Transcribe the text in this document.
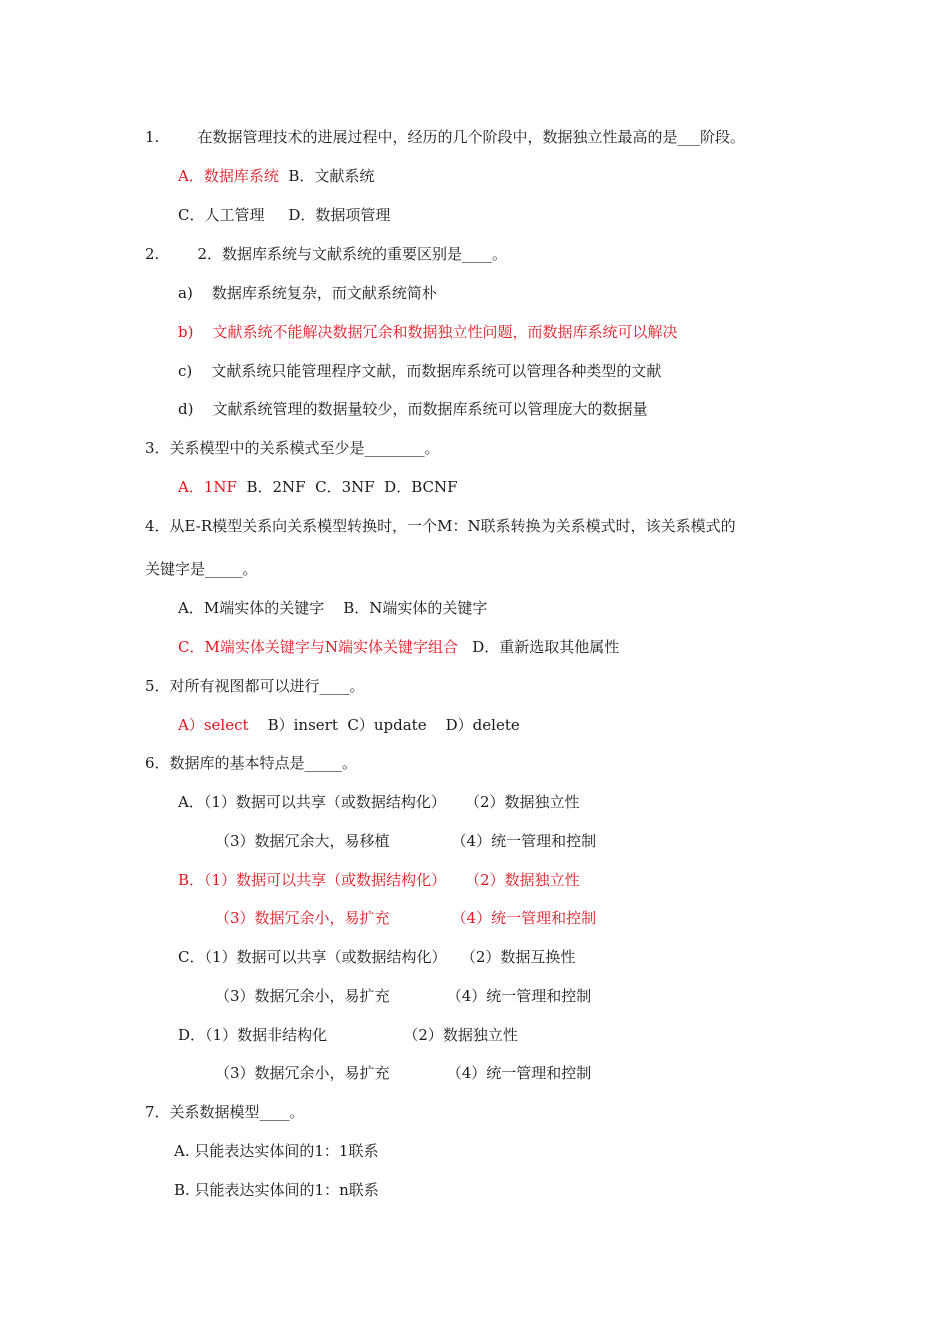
1.        在数据管理技术的进展过程中，经历的几个阶段中，数据独立性最高的是___阶段。
A．数据库系统  B．文献系统
C．人工管理     D．数据项管理
2.        2．数据库系统与文献系统的重要区别是____。
a)    数据库系统复杂，而文献系统简朴
b)    文献系统不能解决数据冗余和数据独立性问题，而数据库系统可以解决
c)    文献系统只能管理程序文献，而数据库系统可以管理各种类型的文献
d)    文献系统管理的数据量较少，而数据库系统可以管理庞大的数据量
3．关系模型中的关系模式至少是________。
A．1NF  B．2NF  C．3NF  D．BCNF
4．从E-R模型关系向关系模型转换时，一个M：N联系转换为关系模式时，该关系模式的
关键字是_____。
A．M端实体的关键字    B．N端实体的关键字
C．M端实体关键字与N端实体关键字组合   D．重新选取其他属性
5．对所有视图都可以进行____。
A）select    B）insert  C）update    D）delete
6．数据库的基本特点是_____。
A．（1）数据可以共享（或数据结构化）    （2）数据独立性
（3）数据冗余大，易移植             （4）统一管理和控制
B．（1）数据可以共享（或数据结构化）    （2）数据独立性
（3）数据冗余小，易扩充             （4）统一管理和控制
C．（1）数据可以共享（或数据结构化）   （2）数据互换性
（3）数据冗余小，易扩充            （4）统一管理和控制
D．（1）数据非结构化                （2）数据独立性
（3）数据冗余小，易扩充            （4）统一管理和控制
7．关系数据模型____。
A. 只能表达实体间的1：1联系
B. 只能表达实体间的1：n联系
